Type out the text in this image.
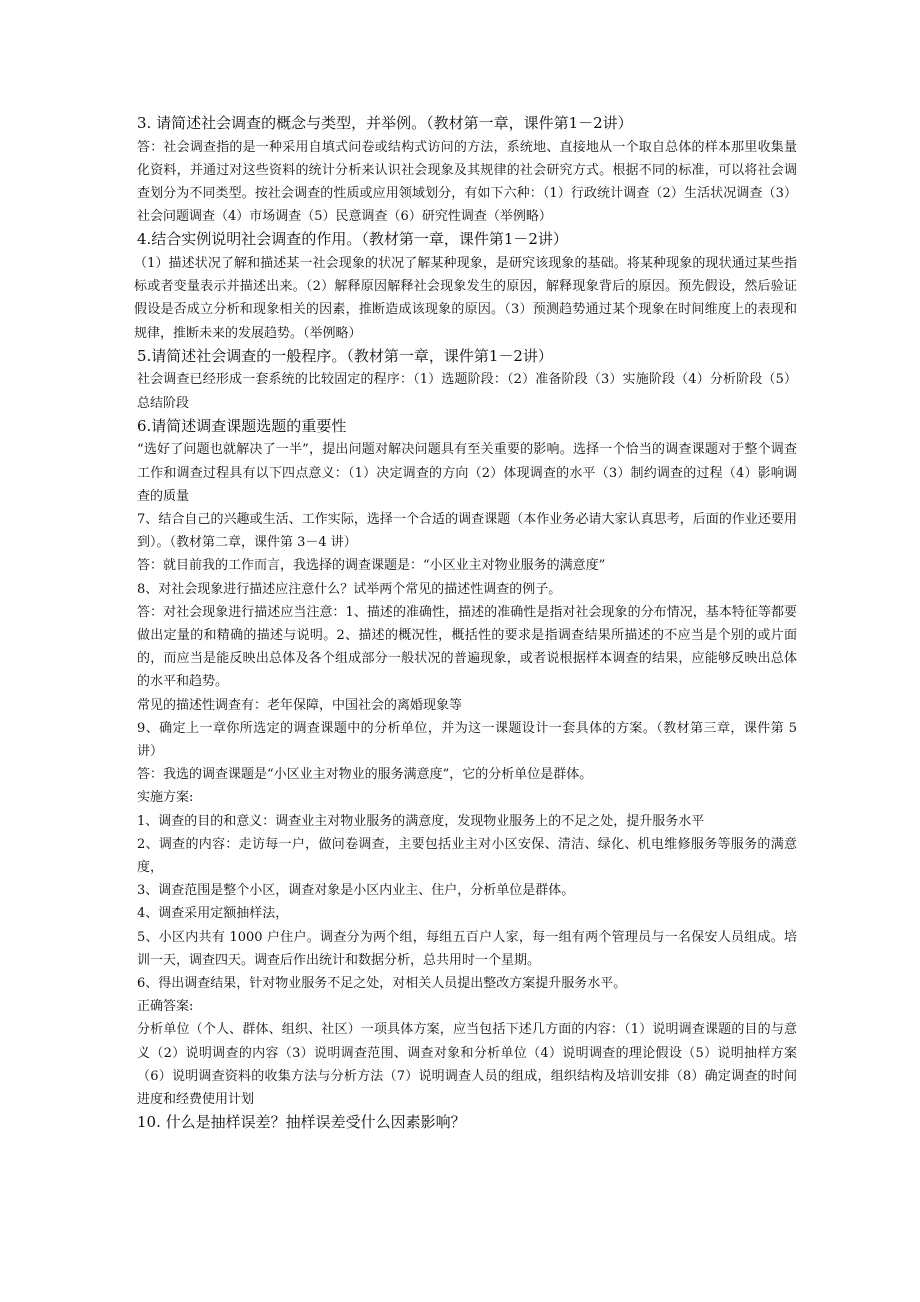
3. 请简述社会调查的概念与类型，并举例。（教材第一章，课件第1－2讲）

答：社会调查指的是一种采用自填式问卷或结构式访问的方法，系统地、直接地从一个取自总体的样本那里收集量化资料，并通过对这些资料的统计分析来认识社会现象及其规律的社会研究方式。根据不同的标准，可以将社会调查划分为不同类型。按社会调查的性质或应用领域划分，有如下六种：（1）行政统计调查（2）生活状况调查（3）社会问题调查（4）市场调查（5）民意调查（6）研究性调查（举例略）

4.结合实例说明社会调查的作用。（教材第一章，课件第1－2讲）

（1）描述状况了解和描述某一社会现象的状况了解某种现象，是研究该现象的基础。将某种现象的现状通过某些指标或者变量表示并描述出来。（2）解释原因解释社会现象发生的原因，解释现象背后的原因。预先假设，然后验证假设是否成立分析和现象相关的因素，推断造成该现象的原因。（3）预测趋势通过某个现象在时间维度上的表现和规律，推断未来的发展趋势。（举例略）

5.请简述社会调查的一般程序。（教材第一章，课件第1－2讲）

社会调查已经形成一套系统的比较固定的程序：（1）选题阶段：（2）准备阶段（3）实施阶段（4）分析阶段（5）总结阶段

6.请简述调查课题选题的重要性

“选好了问题也就解决了一半”，提出问题对解决问题具有至关重要的影响。选择一个恰当的调查课题对于整个调查工作和调查过程具有以下四点意义：（1）决定调查的方向（2）体现调查的水平（3）制约调查的过程（4）影响调查的质量

7、结合自己的兴趣或生活、工作实际，选择一个合适的调查课题（本作业务必请大家认真思考，后面的作业还要用到）。（教材第二章，课件第 3－4 讲）

答：就目前我的工作而言，我选择的调查课题是：“小区业主对物业服务的满意度”

8、对社会现象进行描述应注意什么？试举两个常见的描述性调查的例子。

答：对社会现象进行描述应当注意：1、描述的准确性，描述的准确性是指对社会现象的分布情况，基本特征等都要做出定量的和精确的描述与说明。2、描述的概况性，概括性的要求是指调查结果所描述的不应当是个别的或片面的，而应当是能反映出总体及各个组成部分一般状况的普遍现象，或者说根据样本调查的结果，应能够反映出总体的水平和趋势。

常见的描述性调查有：老年保障，中国社会的离婚现象等

9、确定上一章你所选定的调查课题中的分析单位，并为这一课题设计一套具体的方案。（教材第三章，课件第 5 讲）

答：我选的调查课题是“小区业主对物业的服务满意度”，它的分析单位是群体。

实施方案:

1、调查的目的和意义：调查业主对物业服务的满意度，发现物业服务上的不足之处，提升服务水平

2、调查的内容：走访每一户，做问卷调查，主要包括业主对小区安保、清洁、绿化、机电维修服务等服务的满意度，

3、调查范围是整个小区，调查对象是小区内业主、住户，分析单位是群体。

4、调查采用定额抽样法，

5、小区内共有 1000 户住户。调查分为两个组，每组五百户人家，每一组有两个管理员与一名保安人员组成。培训一天，调查四天。调查后作出统计和数据分析，总共用时一个星期。

6、得出调查结果，针对物业服务不足之处，对相关人员提出整改方案提升服务水平。

正确答案:

分析单位（个人、群体、组织、社区）一项具体方案，应当包括下述几方面的内容：（1）说明调查课题的目的与意义（2）说明调查的内容（3）说明调查范围、调查对象和分析单位（4）说明调查的理论假设（5）说明抽样方案（6）说明调查资料的收集方法与分析方法（7）说明调查人员的组成，组织结构及培训安排（8）确定调查的时间进度和经费使用计划

10. 什么是抽样误差？抽样误差受什么因素影响？
